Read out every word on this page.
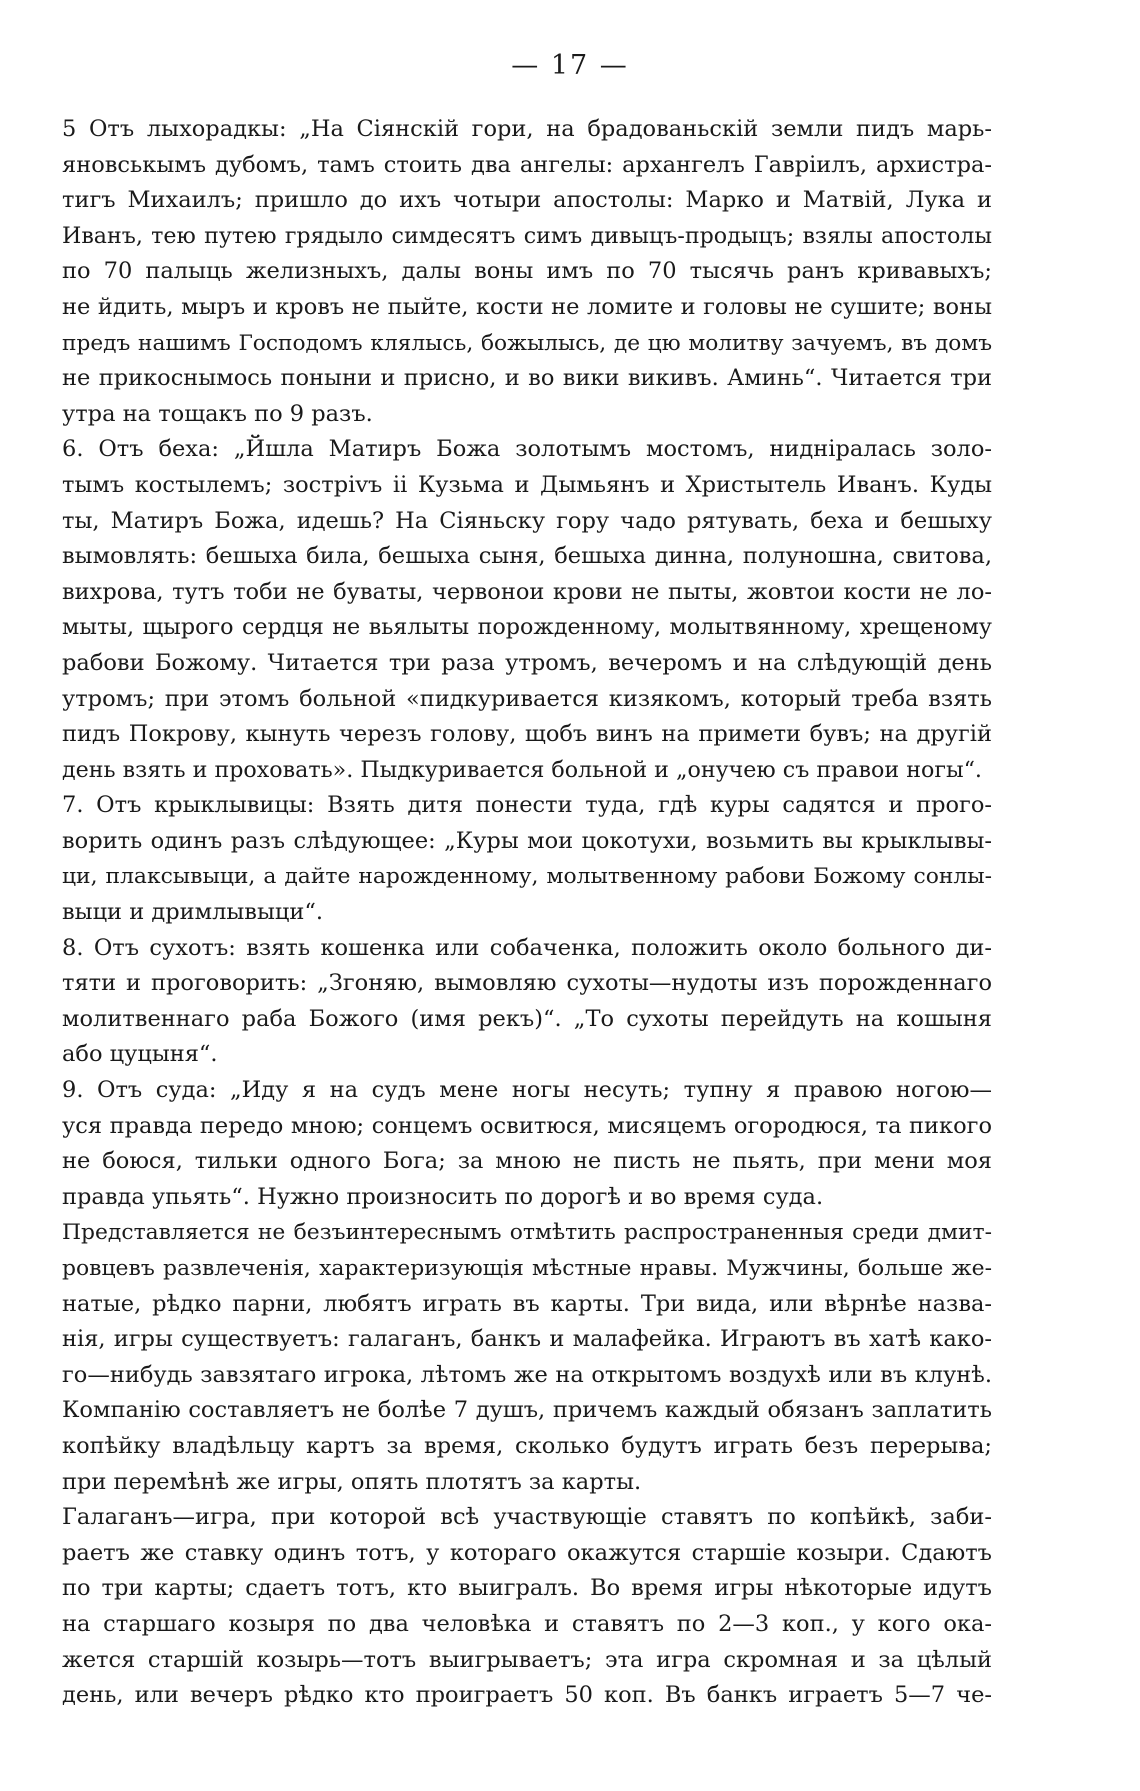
— 17 —
5 Отъ лыхорадкы: „На Сіянскій гори, на брадованьскій земли пидъ марь-
яновськымъ дубомъ, тамъ стоить два ангелы: архангелъ Гавріилъ, архистра-
тигъ Михаилъ; пришло до ихъ чотыри апостолы: Марко и Матвій, Лука и
Иванъ, тею путею грядыло симдесятъ симъ дивыцъ-продыцъ; взялы апостолы
по 70 палыць желизныхъ, далы воны имъ по 70 тысячь ранъ кривавыхъ;
не йдить, мыръ и кровъ не пыйте, кости не ломите и головы не сушите; воны
предъ нашимъ Господомъ клялысь, божылысь, де цю молитву зачуемъ, въ домъ
не прикоснымось поныни и присно, и во вики викивъ. Аминь“. Читается три
утра на тощакъ по 9 разъ.
6. Отъ беха: „Йшла Матиръ Божа золотымъ мостомъ, ниднiралась золо-
тымъ костылемъ; зострivъ ii Кузьма и Дымьянъ и Христытель Иванъ. Куды
ты, Матиръ Божа, идешь? На Сіяньску гору чадо рятувать, беха и бешыху
вымовлять: бешыха била, бешыха сыня, бешыха динна, полуношна, свитова,
вихрова, тутъ тоби не буваты, червонои крови не пыты, жовтои кости не ло-
мыты, щырого сердця не вьялыты порожденному, молытвянному, хрещеному
рабови Божому. Читается три раза утромъ, вечеромъ и на слѣдующій день
утромъ; при этомъ больной «пидкуривается кизякомъ, который треба взять
пидъ Покрову, кынуть черезъ голову, щобъ винъ на примети бувъ; на другій
день взять и проховать». Пыдкуривается больной и „онучею съ правои ногы“.
7. Отъ крыклывицы: Взять дитя понести туда, гдѣ куры садятся и прого-
ворить одинъ разъ слѣдующее: „Куры мои цокотухи, возьмить вы крыклывы-
ци, плаксывыци, а дайте нарожденному, молытвенному рабови Божому сонлы-
выци и дримлывыци“.
8. Отъ сухотъ: взять кошенка или собаченка, положить около больного ди-
тяти и проговорить: „Згоняю, вымовляю сухоты—нудоты изъ порожденнаго
молитвеннаго раба Божого (имя рекъ)“. „То сухоты перейдуть на кошыня
або цуцыня“.
9. Отъ суда: „Иду я на судъ мене ногы несуть; тупну я правою ногою—
уся правда передо мною; сонцемъ освитюся, мисяцемъ огородюся, та пикого
не боюся, тильки одного Бога; за мною не писть не пьять, при мени моя
правда упьять“. Нужно произносить по дорогѣ и во время суда.
Представляется не безъинтереснымъ отмѣтить распространенныя среди дмит-
ровцевъ развлеченія, характеризующія мѣстные нравы. Мужчины, больше же-
натые, рѣдко парни, любятъ играть въ карты. Три вида, или вѣрнѣе назва-
нія, игры существуетъ: галаганъ, банкъ и малафейка. Играютъ въ хатѣ како-
го—нибудь завзятаго игрока, лѣтомъ же на открытомъ воздухѣ или въ клунѣ.
Компанію составляетъ не болѣе 7 душъ, причемъ каждый обязанъ заплатить
копѣйку владѣльцу картъ за время, сколько будутъ играть безъ перерыва;
при перемѣнѣ же игры, опять плотятъ за карты.
Галаганъ—игра, при которой всѣ участвующіе ставятъ по копѣйкѣ, заби-
раетъ же ставку одинъ тотъ, у котораго окажутся старшіе козыри. Сдаютъ
по три карты; сдаетъ тотъ, кто выигралъ. Во время игры нѣкоторые идутъ
на старшаго козыря по два человѣка и ставятъ по 2—3 коп., у кого ока-
жется старшій козырь—тотъ выигрываетъ; эта игра скромная и за цѣлый
день, или вечеръ рѣдко кто проиграетъ 50 коп. Въ банкъ играетъ 5—7 че-
